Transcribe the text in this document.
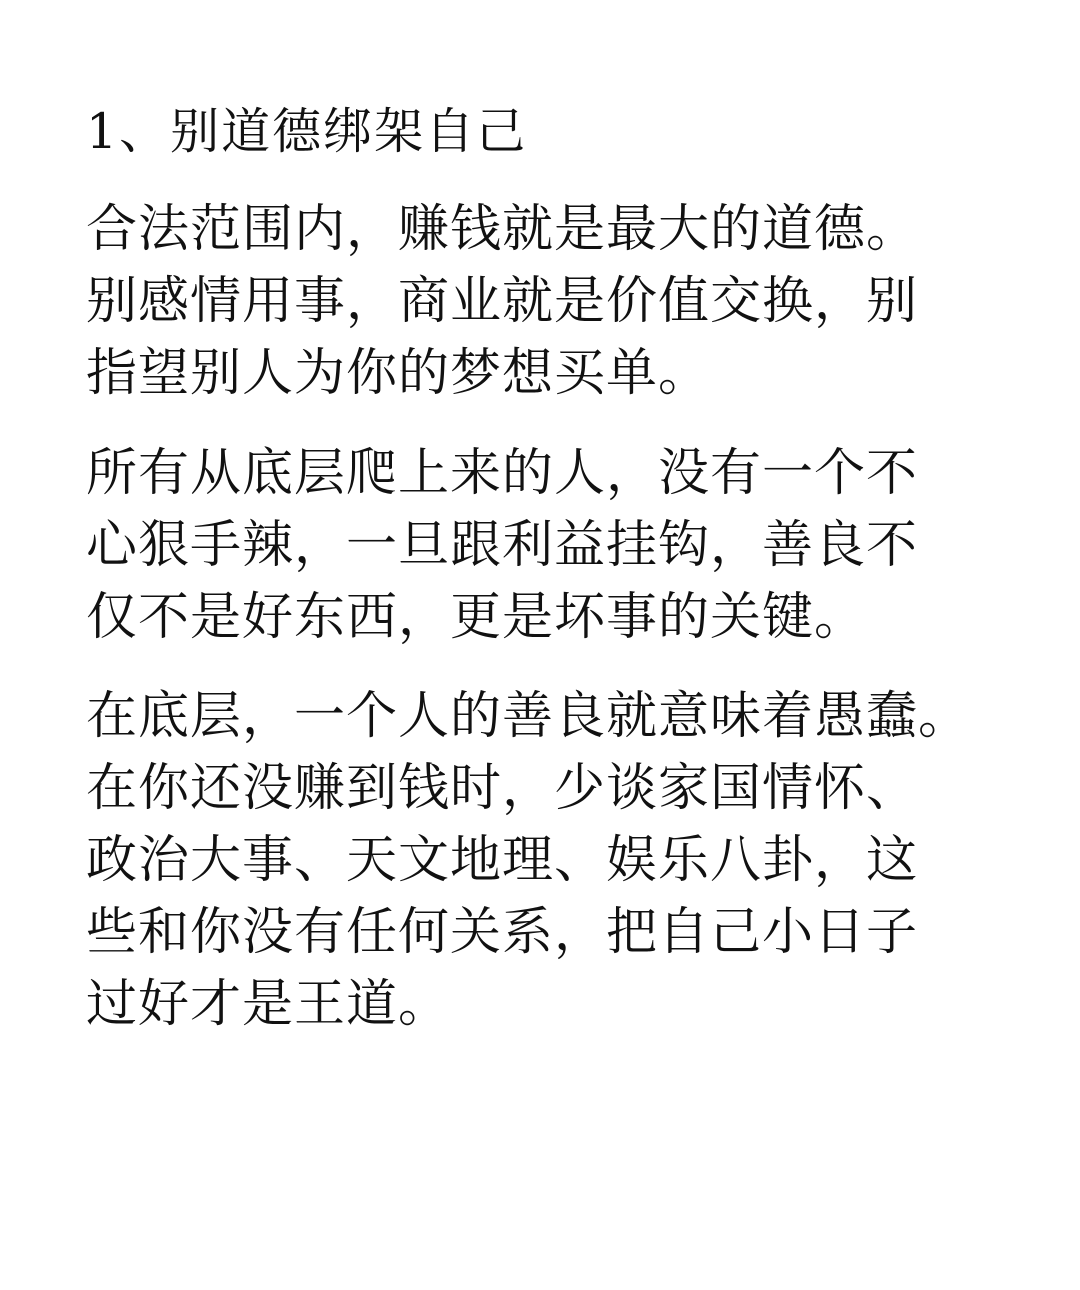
1、别道德绑架自己

合法范围内，赚钱就是最大的道德。
别感情用事，商业就是价值交换，别
指望别人为你的梦想买单。

所有从底层爬上来的人，没有一个不
心狠手辣，一旦跟利益挂钩，善良不
仅不是好东西，更是坏事的关键。

在底层，一个人的善良就意味着愚蠢。
在你还没赚到钱时，少谈家国情怀、
政治大事、天文地理、娱乐八卦，这
些和你没有任何关系，把自己小日子
过好才是王道。
